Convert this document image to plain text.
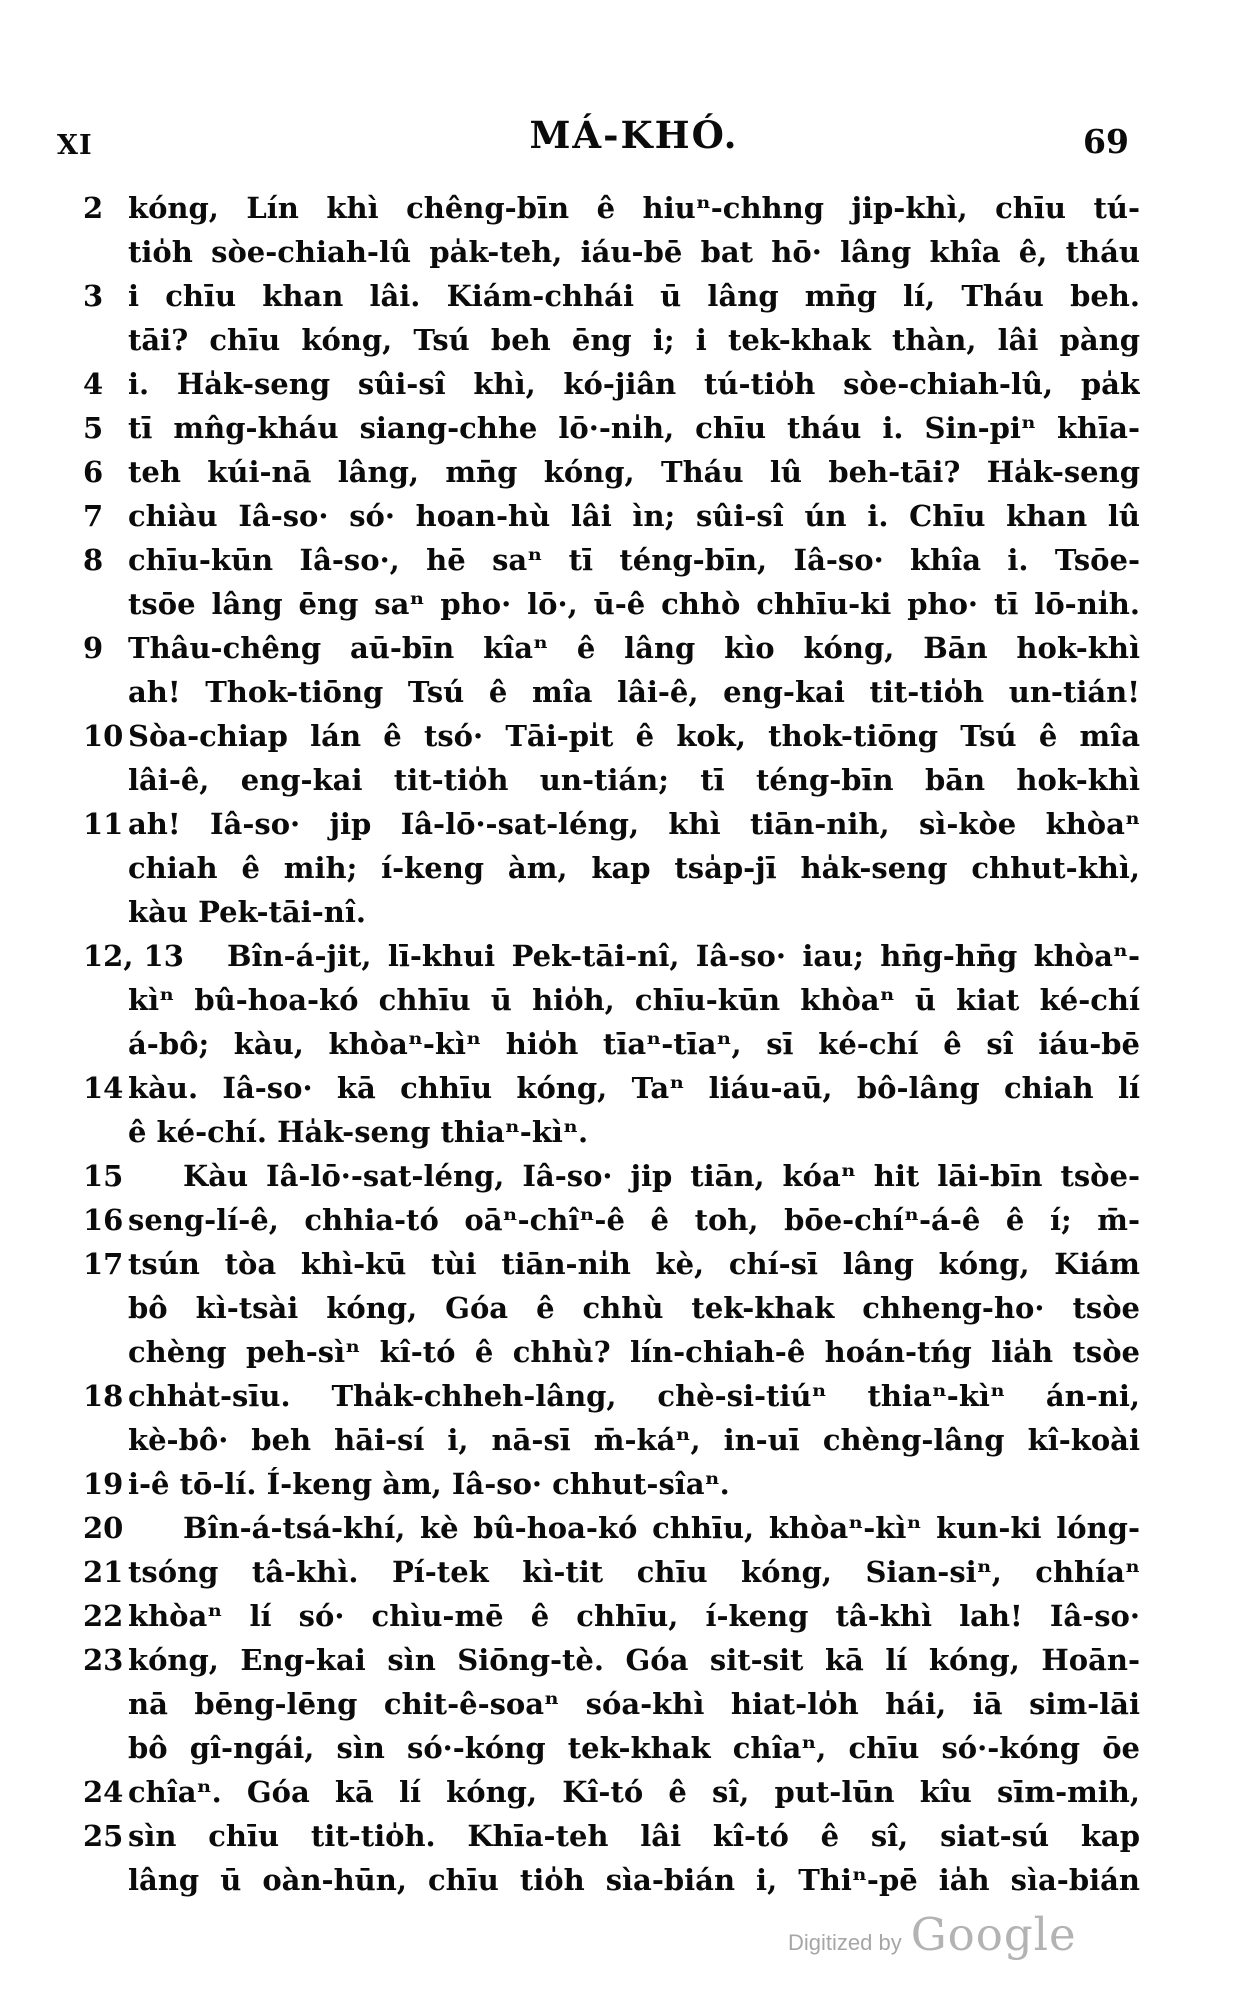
XI	MÁ-KHÓ.	69
2 kóng, Lín khì chêng-bīn ê hiuⁿ-chhng jip-khì, chīu tú-
tio̍h sòe-chiah-lû pa̍k-teh, iáu-bē bat hō· lâng khîa ê, tháu
3 i chīu khan lâi. Kiám-chhái ū lâng mn̄g lí, Tháu beh.
tāi? chīu kóng, Tsú beh ēng i; i tek-khak thàn, lâi pàng
4 i. Ha̍k-seng sûi-sî khì, kó-jiân tú-tio̍h sòe-chiah-lû, pa̍k
5 tī mn̂g-kháu siang-chhe lō·-ni̍h, chīu tháu i. Sin-piⁿ khīa-
6 teh kúi-nā lâng, mn̄g kóng, Tháu lû beh-tāi? Ha̍k-seng
7 chiàu Iâ-so· só· hoan-hù lâi ìn; sûi-sî ún i. Chīu khan lû
8 chīu-kūn Iâ-so·, hē saⁿ tī téng-bīn, Iâ-so· khîa i. Tsōe-
tsōe lâng ēng saⁿ pho· lō·, ū-ê chhò chhīu-ki pho· tī lō-ni̍h.
9 Thâu-chêng aū-bīn kîaⁿ ê lâng kìo kóng, Bān hok-khì
ah! Thok-tiōng Tsú ê mîa lâi-ê, eng-kai tit-tio̍h un-tián!
10 Sòa-chiap lán ê tsó· Tāi-pi̍t ê kok, thok-tiōng Tsú ê mîa
lâi-ê, eng-kai tit-tio̍h un-tián; tī téng-bīn bān hok-khì
11 ah! Iâ-so· jip Iâ-lō·-sat-léng, khì tiān-nih, sì-kòe khòaⁿ
chiah ê mih; í-keng àm, kap tsa̍p-jī ha̍k-seng chhut-khì,
kàu Pek-tāi-nî.
12, 13 Bîn-á-jit, lī-khui Pek-tāi-nî, Iâ-so· iau; hn̄g-hn̄g khòaⁿ-
kìⁿ bû-hoa-kó chhīu ū hio̍h, chīu-kūn khòaⁿ ū kiat ké-chí
á-bô; kàu, khòaⁿ-kìⁿ hio̍h tīaⁿ-tīaⁿ, sī ké-chí ê sî iáu-bē
14 kàu. Iâ-so· kā chhīu kóng, Taⁿ liáu-aū, bô-lâng chiah lí
ê ké-chí. Ha̍k-seng thiaⁿ-kìⁿ.
15 Kàu Iâ-lō·-sat-léng, Iâ-so· jip tiān, kóaⁿ hit lāi-bīn tsòe-
16 seng-lí-ê, chhia-tó oāⁿ-chîⁿ-ê ê toh, bōe-chíⁿ-á-ê ê í; m̄-
17 tsún tòa khì-kū tùi tiān-ni̍h kè, chí-sī lâng kóng, Kiám
bô kì-tsài kóng, Góa ê chhù tek-khak chheng-ho· tsòe
chèng peh-sìⁿ kî-tó ê chhù? lín-chiah-ê hoán-tńg lia̍h tsòe
18 chha̍t-sīu. Tha̍k-chheh-lâng, chè-si-tiúⁿ thiaⁿ-kìⁿ án-ni,
kè-bô· beh hāi-sí i, nā-sī m̄-káⁿ, in-uī chèng-lâng kî-koài
19 i-ê tō-lí. Í-keng àm, Iâ-so· chhut-sîaⁿ.
20 Bîn-á-tsá-khí, kè bû-hoa-kó chhīu, khòaⁿ-kìⁿ kun-ki lóng-
21 tsóng tâ-khì. Pí-tek kì-tit chīu kóng, Sian-siⁿ, chhíaⁿ
22 khòaⁿ lí só· chìu-mē ê chhīu, í-keng tâ-khì lah! Iâ-so·
23 kóng, Eng-kai sìn Siōng-tè. Góa sit-sit kā lí kóng, Hoān-
nā bēng-lēng chit-ê-soaⁿ sóa-khì hiat-lo̍h hái, iā sim-lāi
bô gî-ngái, sìn só·-kóng tek-khak chîaⁿ, chīu só·-kóng ōe
24 chîaⁿ. Góa kā lí kóng, Kî-tó ê sî, put-lūn kîu sīm-mih,
25 sìn chīu tit-tio̍h. Khīa-teh lâi kî-tó ê sî, siat-sú kap
lâng ū oàn-hūn, chīu tio̍h sìa-bián i, Thiⁿ-pē ia̍h sìa-bián
Digitized by Google
